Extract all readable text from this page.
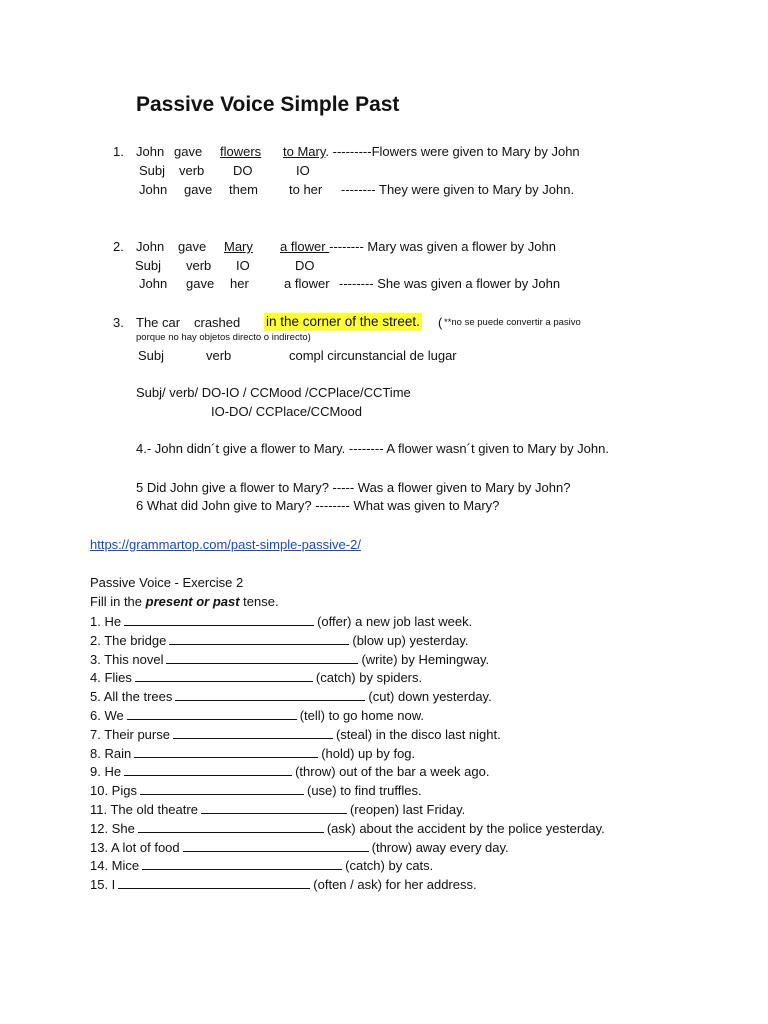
Passive Voice Simple Past
1. John gave flowers to Mary. ---------Flowers were given to Mary by John
Subj verb DO	IO
John gave them to her -------- They were given to Mary by John.
2. John gave Mary a flower -------- Mary was given a flower by John
Subj verb IO	DO
John gave her	a flower -------- She was given a flower by John
3. The car crashed in the corner of the street. ( **no se puede convertir a pasivo
porque no hay objetos directo o indirecto)
Subj	verb	compl circunstancial de lugar
Subj/ verb/ DO-IO / CCMood /CCPlace/CCTime
IO-DO/ CCPlace/CCMood
4.- John didn´t give a flower to Mary. -------- A flower wasn´t given to Mary by John.
5 Did John give a flower to Mary? ----- Was a flower given to Mary by John?
6 What did John give to Mary? -------- What was given to Mary?
https://grammartop.com/past-simple-passive-2/
Passive Voice - Exercise 2
Fill in the present or past tense.
1. He	(offer) a new job last week.
2. The bridge	(blow up) yesterday.
3. This novel	(write) by Hemingway.
4. Flies	(catch) by spiders.
5. All the trees	(cut) down yesterday.
6. We	(tell) to go home now.
7. Their purse	(steal) in the disco last night.
8. Rain	(hold) up by fog.
9. He	(throw) out of the bar a week ago.
10. Pigs	(use) to find truffles.
11. The old theatre	(reopen) last Friday.
12. She	(ask) about the accident by the police yesterday.
13. A lot of food	(throw) away every day.
14. Mice	(catch) by cats.
15. I	(often / ask) for her address.
